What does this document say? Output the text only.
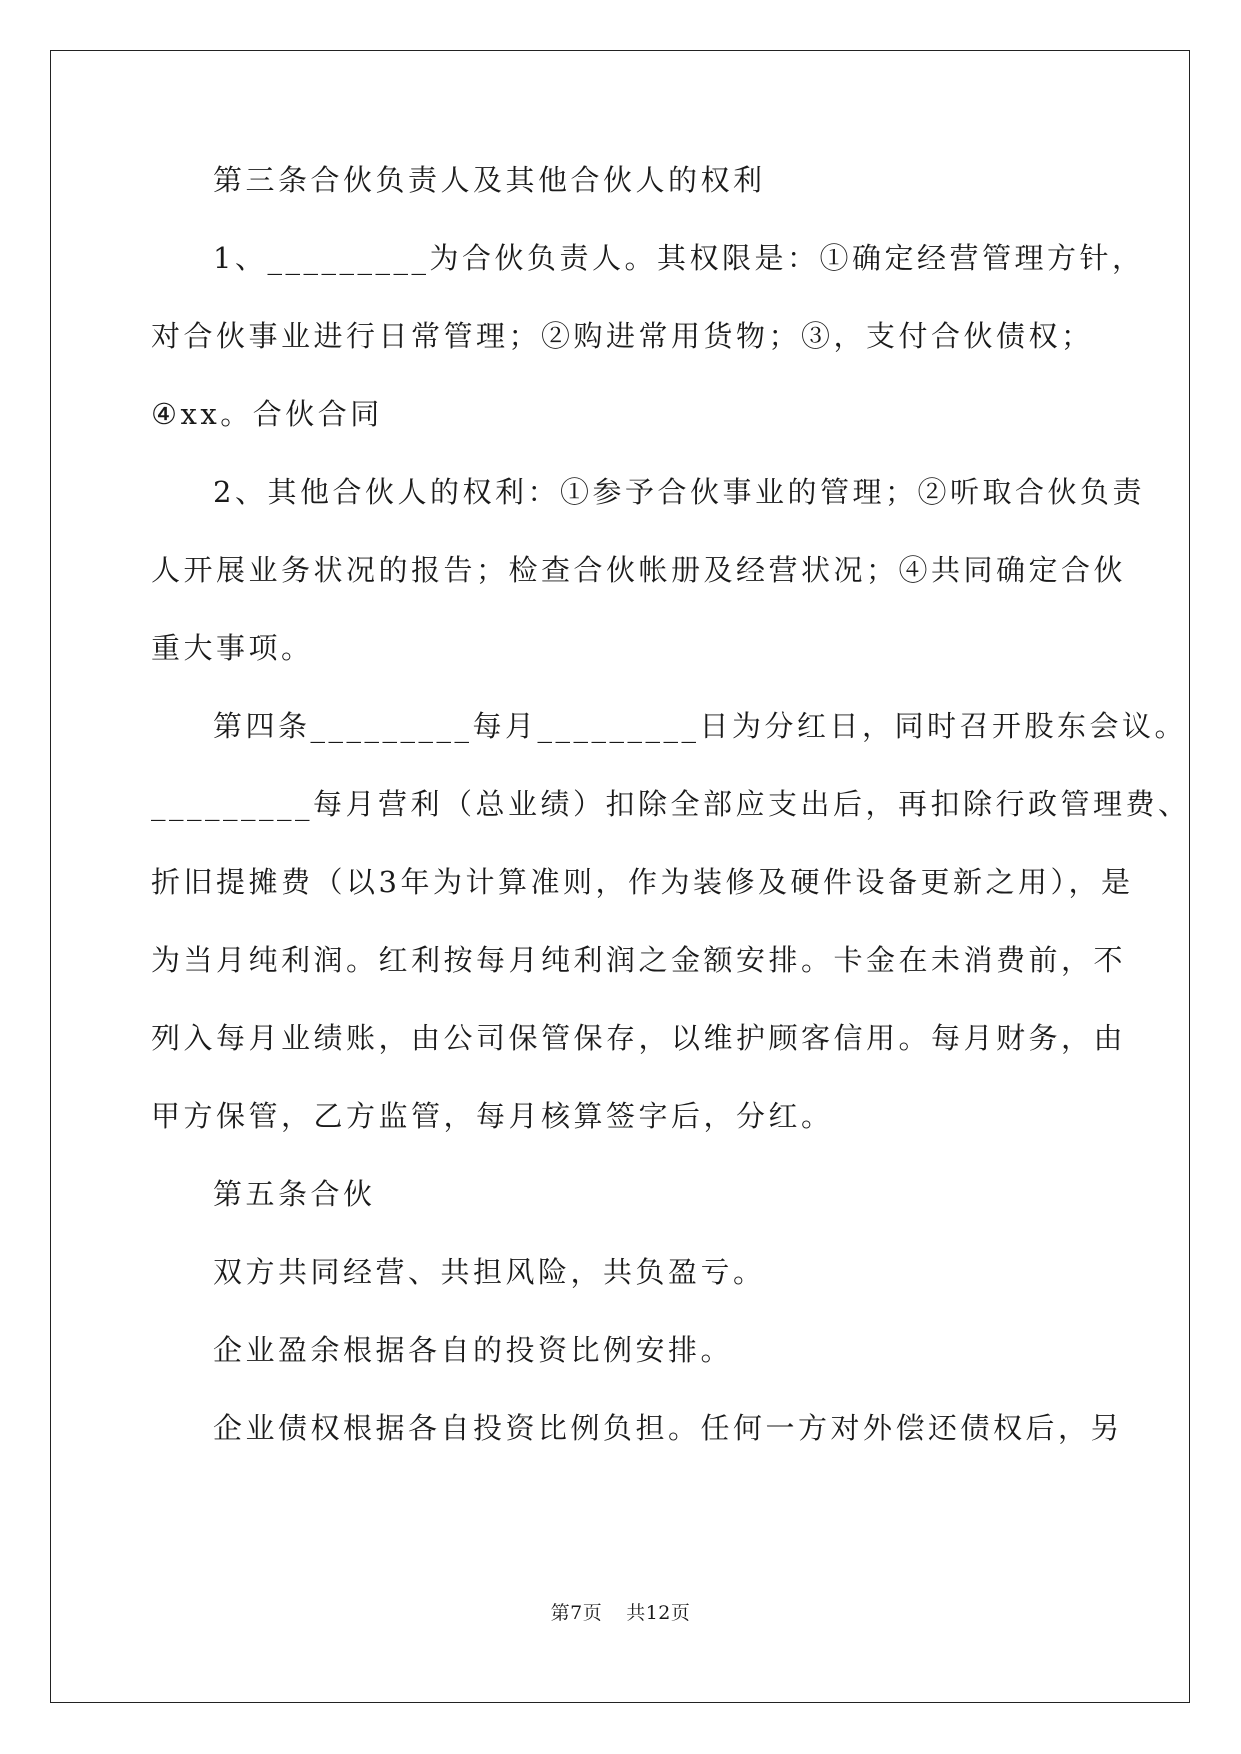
第三条合伙负责人及其他合伙人的权利
1、_________为合伙负责人。其权限是：①确定经营管理方针，
对合伙事业进行日常管理；②购进常用货物；③，支付合伙债权；
④xx。合伙合同
2、其他合伙人的权利：①参予合伙事业的管理；②听取合伙负责
人开展业务状况的报告；检查合伙帐册及经营状况；④共同确定合伙
重大事项。
第四条_________每月_________日为分红日，同时召开股东会议。
_________每月营利（总业绩）扣除全部应支出后，再扣除行政管理费、
折旧提摊费（以3年为计算准则，作为装修及硬件设备更新之用），是
为当月纯利润。红利按每月纯利润之金额安排。卡金在未消费前，不
列入每月业绩账，由公司保管保存，以维护顾客信用。每月财务，由
甲方保管，乙方监管，每月核算签字后，分红。
第五条合伙
双方共同经营、共担风险，共负盈亏。
企业盈余根据各自的投资比例安排。
企业债权根据各自投资比例负担。任何一方对外偿还债权后，另
第7页 共12页
